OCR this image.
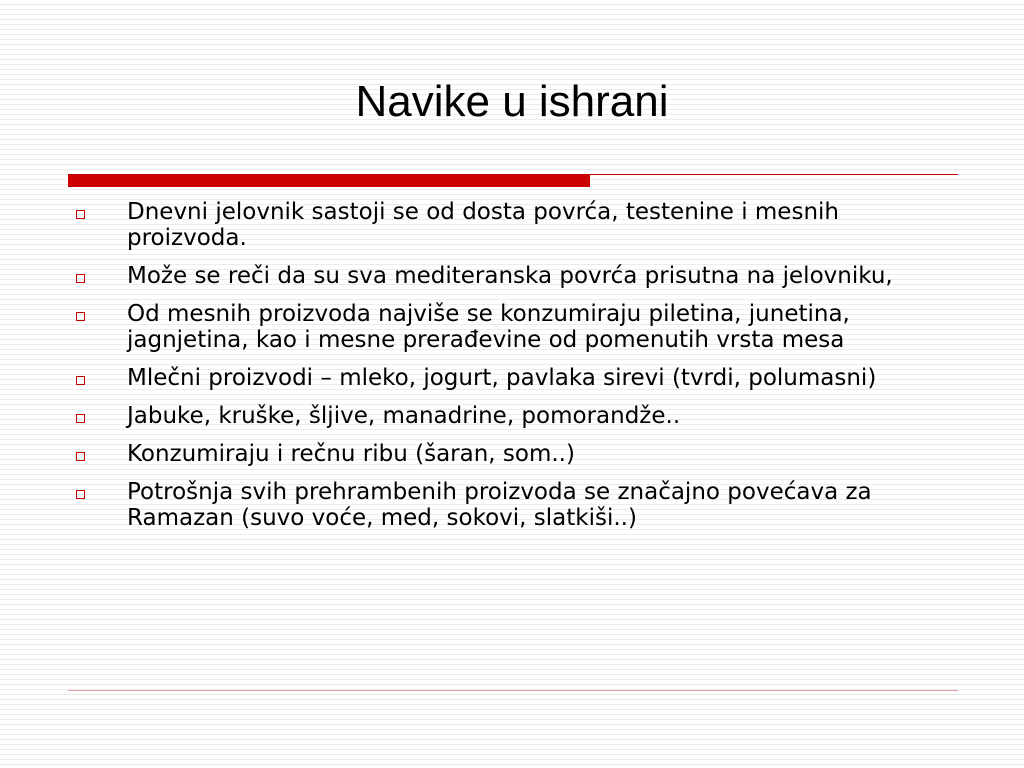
Navike u ishrani
Dnevni jelovnik sastoji se od dosta povrća, testenine i mesnih proizvoda.
Može se reči da su sva mediteranska povrća prisutna na jelovniku,
Od mesnih proizvoda najviše se konzumiraju piletina, junetina, jagnjetina, kao i mesne prerađevine od pomenutih vrsta mesa
Mlečni proizvodi – mleko, jogurt, pavlaka sirevi (tvrdi, polumasni)
Jabuke, kruške, šljive, manadrine, pomorandže..
Konzumiraju i rečnu ribu (šaran, som..)
Potrošnja svih prehrambenih proizvoda se značajno povećava za Ramazan (suvo voće, med, sokovi, slatkiši..)
